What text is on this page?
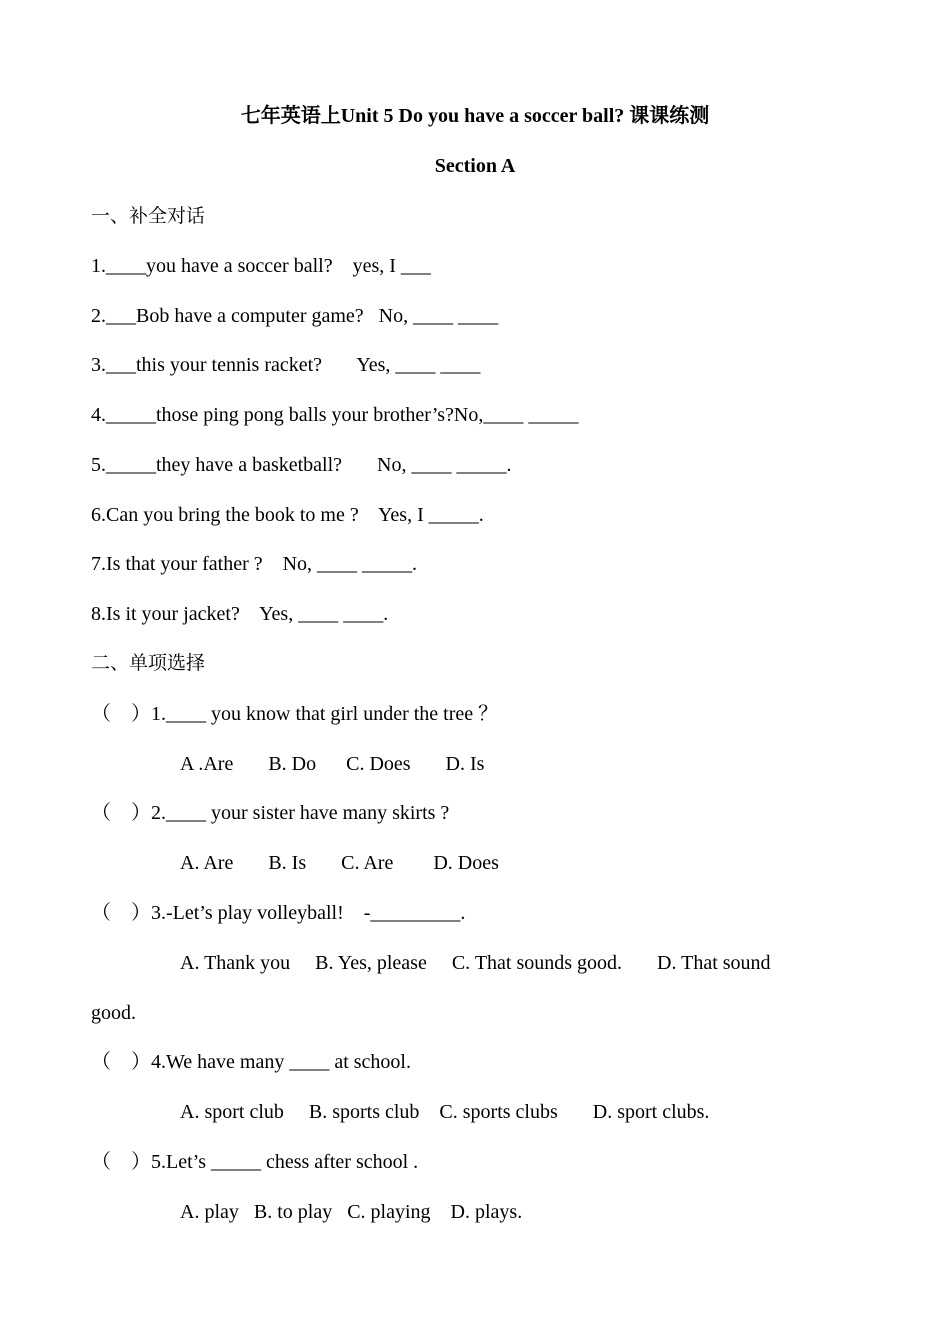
七年英语上Unit 5 Do you have a soccer ball? 课课练测
Section A
一、补全对话
1.____you have a soccer ball?    yes, I ___
2.___Bob have a computer game?   No, ____ ____
3.___this your tennis racket?       Yes, ____ ____
4._____those ping pong balls your brother’s?No,____ _____
5._____they have a basketball?       No, ____ _____.
6.Can you bring the book to me ?    Yes, I _____.
7.Is that your father ?    No, ____ _____.
8.Is it your jacket?    Yes, ____ ____.
二、单项选择
（    ）1.____ you know that girl under the tree ？
A .Are       B. Do      C. Does       D. Is
（    ）2.____ your sister have many skirts ?
A. Are       B. Is       C. Are        D. Does
（    ）3.-Let’s play volleyball!    -_________.
A. Thank you     B. Yes, please     C. That sounds good.       D. That sound
good.
（    ）4.We have many ____ at school.
A. sport club     B. sports club    C. sports clubs       D. sport clubs.
（    ）5.Let’s _____ chess after school .
A. play   B. to play   C. playing    D. plays.
